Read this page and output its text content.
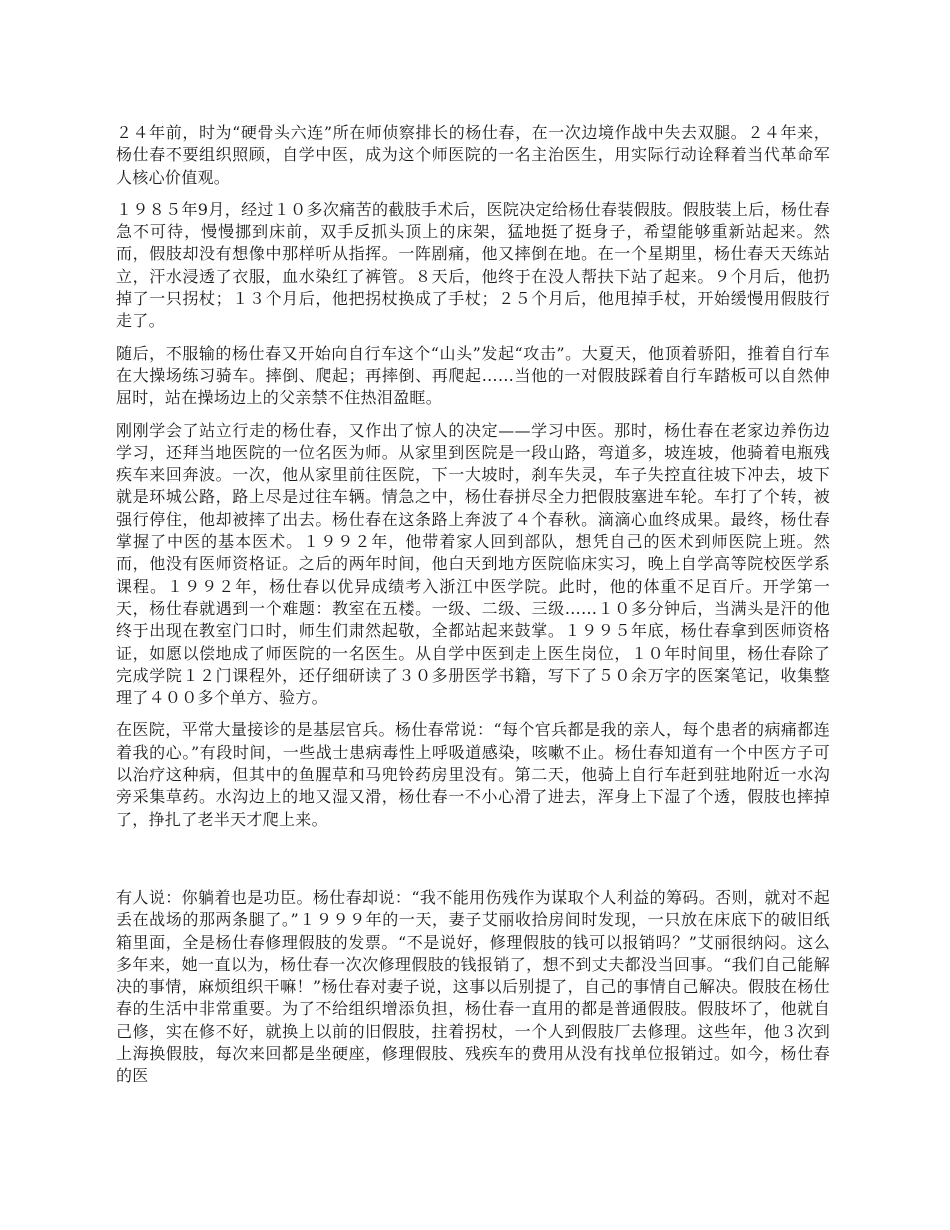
２４年前，时为“硬骨头六连”所在师侦察排长的杨仕春，在一次边境作战中失去双腿。２４年来，杨仕春不要组织照顾，自学中医，成为这个师医院的一名主治医生，用实际行动诠释着当代革命军人核心价值观。

１９８５年9月，经过１０多次痛苦的截肢手术后，医院决定给杨仕春装假肢。假肢装上后，杨仕春急不可待，慢慢挪到床前，双手反抓头顶上的床架，猛地挺了挺身子，希望能够重新站起来。然而，假肢却没有想像中那样听从指挥。一阵剧痛，他又摔倒在地。在一个星期里，杨仕春天天练站立，汗水浸透了衣服，血水染红了裤管。８天后，他终于在没人帮扶下站了起来。９个月后，他扔掉了一只拐杖；１３个月后，他把拐杖换成了手杖；２５个月后，他甩掉手杖，开始缓慢用假肢行走了。

随后，不服输的杨仕春又开始向自行车这个“山头”发起“攻击”。大夏天，他顶着骄阳，推着自行车在大操场练习骑车。摔倒、爬起；再摔倒、再爬起……当他的一对假肢踩着自行车踏板可以自然伸屈时，站在操场边上的父亲禁不住热泪盈眶。

刚刚学会了站立行走的杨仕春，又作出了惊人的决定——学习中医。那时，杨仕春在老家边养伤边学习，还拜当地医院的一位名医为师。从家里到医院是一段山路，弯道多，坡连坡，他骑着电瓶残疾车来回奔波。一次，他从家里前往医院，下一大坡时，刹车失灵，车子失控直往坡下冲去，坡下就是环城公路，路上尽是过往车辆。情急之中，杨仕春拼尽全力把假肢塞进车轮。车打了个转，被强行停住，他却被摔了出去。杨仕春在这条路上奔波了４个春秋。滴滴心血终成果。最终，杨仕春掌握了中医的基本医术。１９９２年，他带着家人回到部队，想凭自己的医术到师医院上班。然而，他没有医师资格证。之后的两年时间，他白天到地方医院临床实习，晚上自学高等院校医学系课程。１９９２年，杨仕春以优异成绩考入浙江中医学院。此时，他的体重不足百斤。开学第一天，杨仕春就遇到一个难题：教室在五楼。一级、二级、三级……１０多分钟后，当满头是汗的他终于出现在教室门口时，师生们肃然起敬，全都站起来鼓掌。１９９５年底，杨仕春拿到医师资格证，如愿以偿地成了师医院的一名医生。从自学中医到走上医生岗位，１０年时间里，杨仕春除了完成学院１２门课程外，还仔细研读了３０多册医学书籍，写下了５０余万字的医案笔记，收集整理了４００多个单方、验方。

在医院，平常大量接诊的是基层官兵。杨仕春常说：“每个官兵都是我的亲人，每个患者的病痛都连着我的心。”有段时间，一些战士患病毒性上呼吸道感染，咳嗽不止。杨仕春知道有一个中医方子可以治疗这种病，但其中的鱼腥草和马兜铃药房里没有。第二天，他骑上自行车赶到驻地附近一水沟旁采集草药。水沟边上的地又湿又滑，杨仕春一不小心滑了进去，浑身上下湿了个透，假肢也摔掉了，挣扎了老半天才爬上来。

有人说：你躺着也是功臣。杨仕春却说：“我不能用伤残作为谋取个人利益的筹码。否则，就对不起丢在战场的那两条腿了。”１９９９年的一天，妻子艾丽收拾房间时发现，一只放在床底下的破旧纸箱里面，全是杨仕春修理假肢的发票。“不是说好，修理假肢的钱可以报销吗？”艾丽很纳闷。这么多年来，她一直以为，杨仕春一次次修理假肢的钱报销了，想不到丈夫都没当回事。“我们自己能解决的事情，麻烦组织干嘛！”杨仕春对妻子说，这事以后别提了，自己的事情自己解决。假肢在杨仕春的生活中非常重要。为了不给组织增添负担，杨仕春一直用的都是普通假肢。假肢坏了，他就自己修，实在修不好，就换上以前的旧假肢，拄着拐杖，一个人到假肢厂去修理。这些年，他３次到上海换假肢，每次来回都是坐硬座，修理假肢、残疾车的费用从没有找单位报销过。如今，杨仕春的医
